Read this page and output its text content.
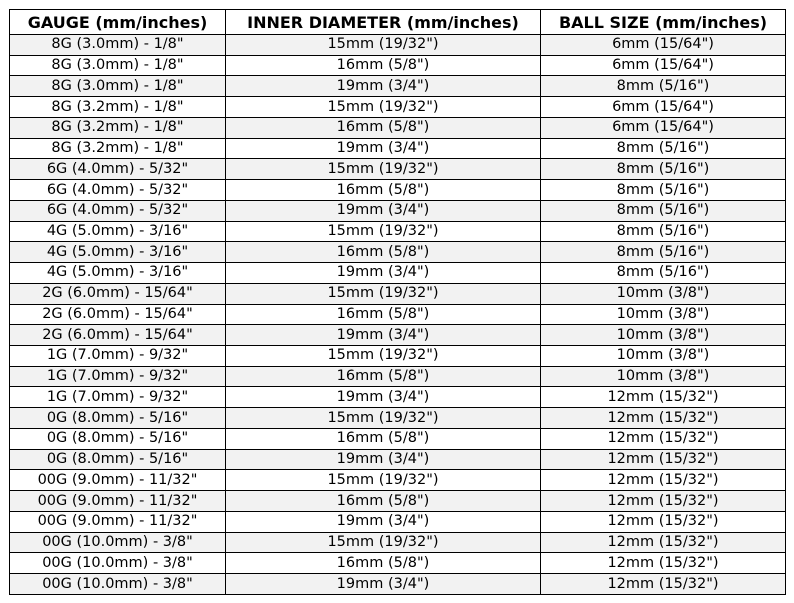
GAUGE (mm/inches)	INNER DIAMETER (mm/inches)	BALL SIZE (mm/inches)
8G (3.0mm) - 1/8"	15mm (19/32")	6mm (15/64")
8G (3.0mm) - 1/8"	16mm (5/8")	6mm (15/64")
8G (3.0mm) - 1/8"	19mm (3/4")	8mm (5/16")
8G (3.2mm) - 1/8"	15mm (19/32")	6mm (15/64")
8G (3.2mm) - 1/8"	16mm (5/8")	6mm (15/64")
8G (3.2mm) - 1/8"	19mm (3/4")	8mm (5/16")
6G (4.0mm) - 5/32"	15mm (19/32")	8mm (5/16")
6G (4.0mm) - 5/32"	16mm (5/8")	8mm (5/16")
6G (4.0mm) - 5/32"	19mm (3/4")	8mm (5/16")
4G (5.0mm) - 3/16"	15mm (19/32")	8mm (5/16")
4G (5.0mm) - 3/16"	16mm (5/8")	8mm (5/16")
4G (5.0mm) - 3/16"	19mm (3/4")	8mm (5/16")
2G (6.0mm) - 15/64"	15mm (19/32")	10mm (3/8")
2G (6.0mm) - 15/64"	16mm (5/8")	10mm (3/8")
2G (6.0mm) - 15/64"	19mm (3/4")	10mm (3/8")
1G (7.0mm) - 9/32"	15mm (19/32")	10mm (3/8")
1G (7.0mm) - 9/32"	16mm (5/8")	10mm (3/8")
1G (7.0mm) - 9/32"	19mm (3/4")	12mm (15/32")
0G (8.0mm) - 5/16"	15mm (19/32")	12mm (15/32")
0G (8.0mm) - 5/16"	16mm (5/8")	12mm (15/32")
0G (8.0mm) - 5/16"	19mm (3/4")	12mm (15/32")
00G (9.0mm) - 11/32"	15mm (19/32")	12mm (15/32")
00G (9.0mm) - 11/32"	16mm (5/8")	12mm (15/32")
00G (9.0mm) - 11/32"	19mm (3/4")	12mm (15/32")
00G (10.0mm) - 3/8"	15mm (19/32")	12mm (15/32")
00G (10.0mm) - 3/8"	16mm (5/8")	12mm (15/32")
00G (10.0mm) - 3/8"	19mm (3/4")	12mm (15/32")
